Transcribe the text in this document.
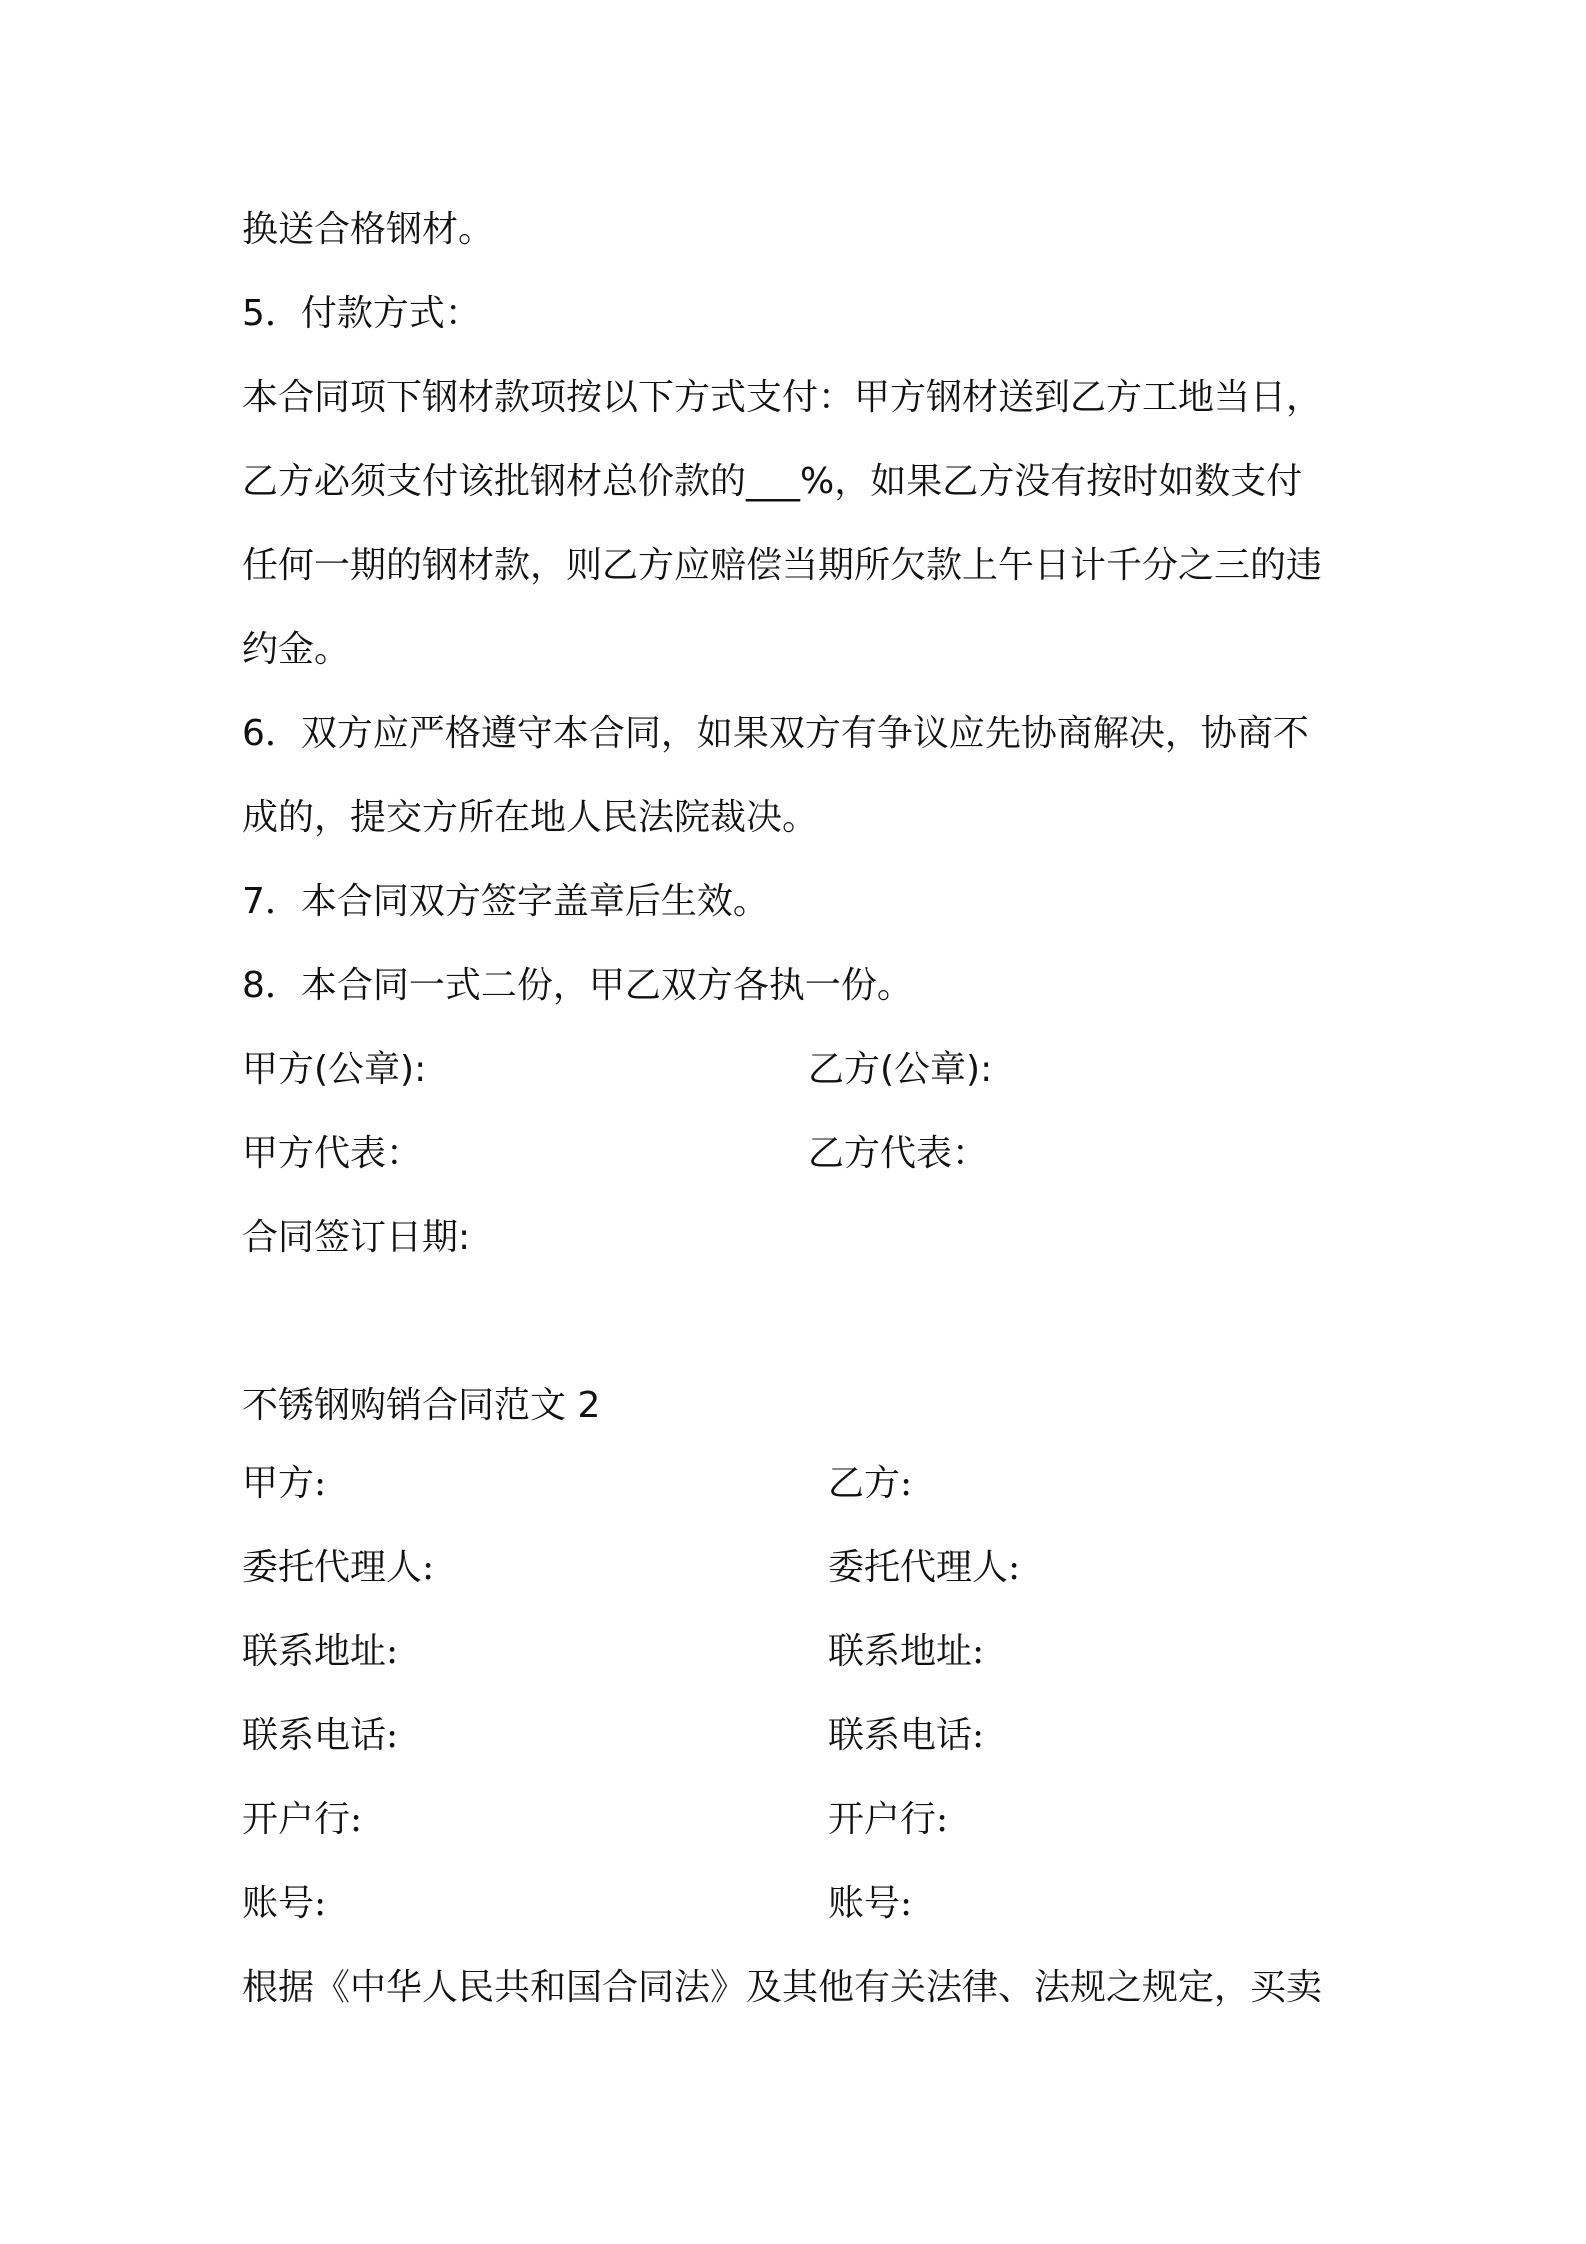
换送合格钢材。
5．付款方式：
本合同项下钢材款项按以下方式支付：甲方钢材送到乙方工地当日，
乙方必须支付该批钢材总价款的___%，如果乙方没有按时如数支付
任何一期的钢材款，则乙方应赔偿当期所欠款上午日计千分之三的违
约金。
6．双方应严格遵守本合同，如果双方有争议应先协商解决，协商不
成的，提交方所在地人民法院裁决。
7．本合同双方签字盖章后生效。
8．本合同一式二份，甲乙双方各执一份。
甲方(公章):	乙方(公章):
甲方代表：	乙方代表：
合同签订日期:
不锈钢购销合同范文 2
甲方:	乙方:
委托代理人:	委托代理人:
联系地址:	联系地址:
联系电话:	联系电话:
开户行:	开户行:
账号:	账号:
根据《中华人民共和国合同法》及其他有关法律、法规之规定，买卖
